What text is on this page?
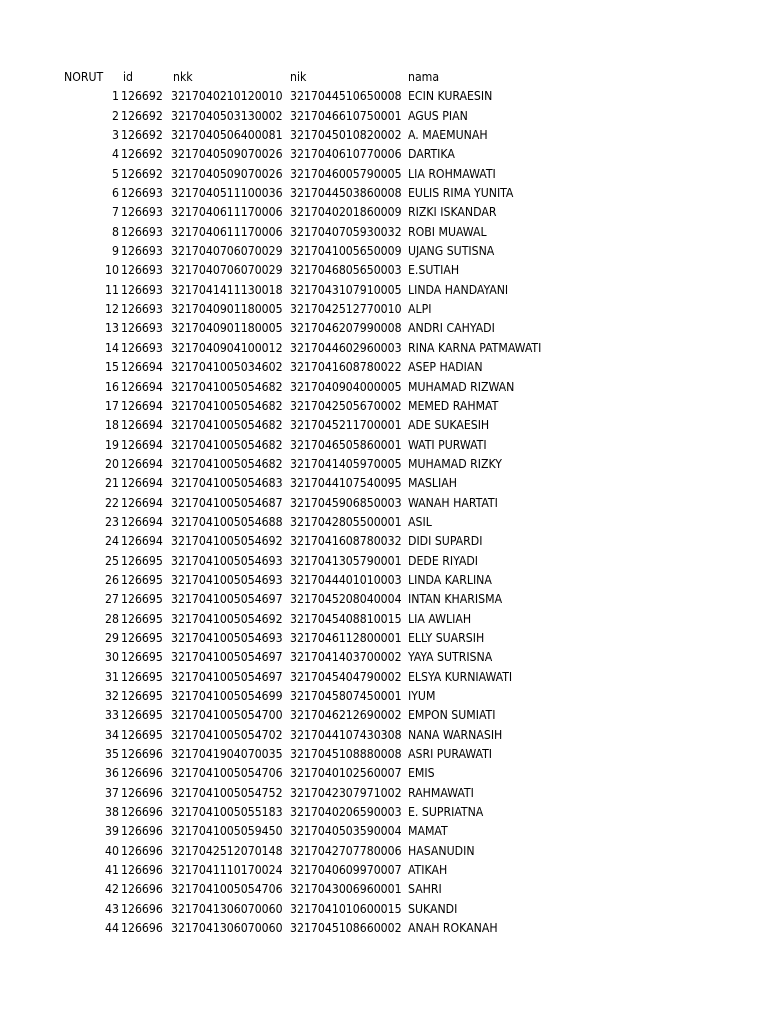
NORUT	id	nkk	nik	nama
1	126692	3217040210120010	3217044510650008	ECIN KURAESIN
2	126692	3217040503130002	3217046610750001	AGUS PIAN
3	126692	3217040506400081	3217045010820002	A. MAEMUNAH
4	126692	3217040509070026	3217040610770006	DARTIKA
5	126692	3217040509070026	3217046005790005	LIA ROHMAWATI
6	126693	3217040511100036	3217044503860008	EULIS RIMA YUNITA
7	126693	3217040611170006	3217040201860009	RIZKI ISKANDAR
8	126693	3217040611170006	3217040705930032	ROBI MUAWAL
9	126693	3217040706070029	3217041005650009	UJANG SUTISNA
10	126693	3217040706070029	3217046805650003	E.SUTIAH
11	126693	3217041411130018	3217043107910005	LINDA HANDAYANI
12	126693	3217040901180005	3217042512770010	ALPI
13	126693	3217040901180005	3217046207990008	ANDRI CAHYADI
14	126693	3217040904100012	3217044602960003	RINA KARNA PATMAWATI
15	126694	3217041005034602	3217041608780022	ASEP HADIAN
16	126694	3217041005054682	3217040904000005	MUHAMAD RIZWAN
17	126694	3217041005054682	3217042505670002	MEMED RAHMAT
18	126694	3217041005054682	3217045211700001	ADE SUKAESIH
19	126694	3217041005054682	3217046505860001	WATI PURWATI
20	126694	3217041005054682	3217041405970005	MUHAMAD RIZKY
21	126694	3217041005054683	3217044107540095	MASLIAH
22	126694	3217041005054687	3217045906850003	WANAH HARTATI
23	126694	3217041005054688	3217042805500001	ASIL
24	126694	3217041005054692	3217041608780032	DIDI SUPARDI
25	126695	3217041005054693	3217041305790001	DEDE RIYADI
26	126695	3217041005054693	3217044401010003	LINDA KARLINA
27	126695	3217041005054697	3217045208040004	INTAN KHARISMA
28	126695	3217041005054692	3217045408810015	LIA AWLIAH
29	126695	3217041005054693	3217046112800001	ELLY SUARSIH
30	126695	3217041005054697	3217041403700002	YAYA SUTRISNA
31	126695	3217041005054697	3217045404790002	ELSYA KURNIAWATI
32	126695	3217041005054699	3217045807450001	IYUM
33	126695	3217041005054700	3217046212690002	EMPON SUMIATI
34	126695	3217041005054702	3217044107430308	NANA WARNASIH
35	126696	3217041904070035	3217045108880008	ASRI PURAWATI
36	126696	3217041005054706	3217040102560007	EMIS
37	126696	3217041005054752	3217042307971002	RAHMAWATI
38	126696	3217041005055183	3217040206590003	E. SUPRIATNA
39	126696	3217041005059450	3217040503590004	MAMAT
40	126696	3217042512070148	3217042707780006	HASANUDIN
41	126696	3217041110170024	3217040609970007	ATIKAH
42	126696	3217041005054706	3217043006960001	SAHRI
43	126696	3217041306070060	3217041010600015	SUKANDI
44	126696	3217041306070060	3217045108660002	ANAH ROKANAH
